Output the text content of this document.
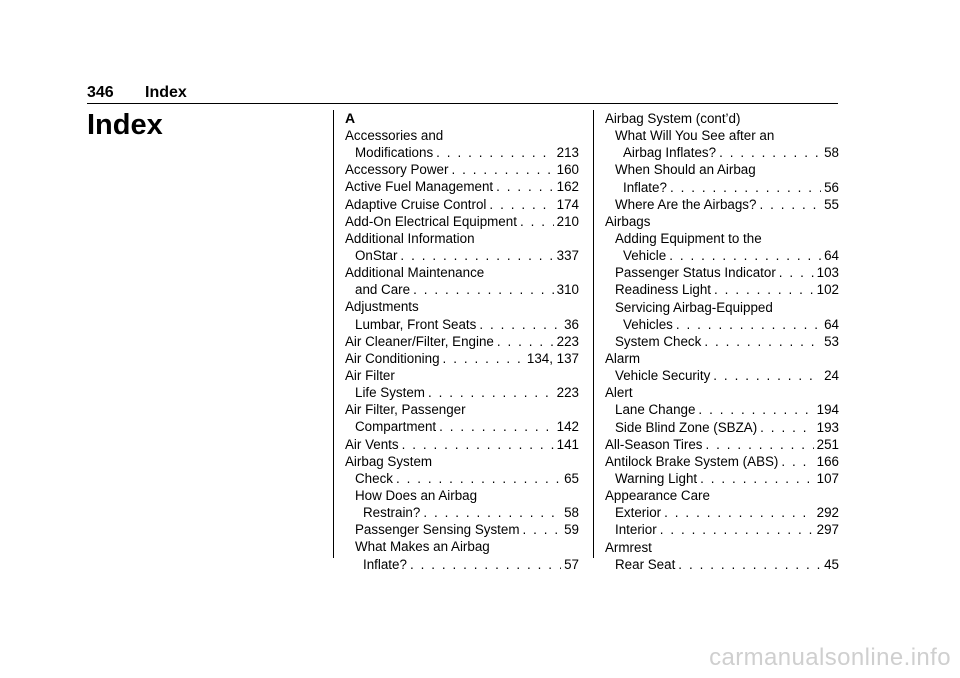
346 Index
Index	A
Accessories and
Modifications . . .	213
Accessory Power . . .	160
Active Fuel Management . . .	162
Adaptive Cruise Control . . .	174
Add-On Electrical Equipment . . .	210
Additional Information
OnStar . . .	337
Additional Maintenance
and Care . . .	310
Adjustments
Lumbar, Front Seats . . .	36
Air Cleaner/Filter, Engine . . .	223
Air Conditioning . . .	134, 137
Air Filter
Life System . . .	223
Air Filter, Passenger
Compartment . . .	142
Air Vents . . .	141
Airbag System
Check . . .	65
How Does an Airbag
Restrain? . . .	58
Passenger Sensing System . . .	59
What Makes an Airbag
Inflate? . . .	57
Airbag System (cont’d)
What Will You See after an
Airbag Inflates? . . .	58
When Should an Airbag
Inflate? . . .	56
Where Are the Airbags? . . .	55
Airbags
Adding Equipment to the
Vehicle . . .	64
Passenger Status Indicator . . .	103
Readiness Light . . .	102
Servicing Airbag-Equipped
Vehicles . . .	64
System Check . . .	53
Alarm
Vehicle Security . . .	24
Alert
Lane Change . . .	194
Side Blind Zone (SBZA) . . .	193
All-Season Tires . . .	251
Antilock Brake System (ABS) . . .	166
Warning Light . . .	107
Appearance Care
Exterior . . .	292
Interior . . .	297
Armrest
Rear Seat . . .	45
carmanualsonline.info
